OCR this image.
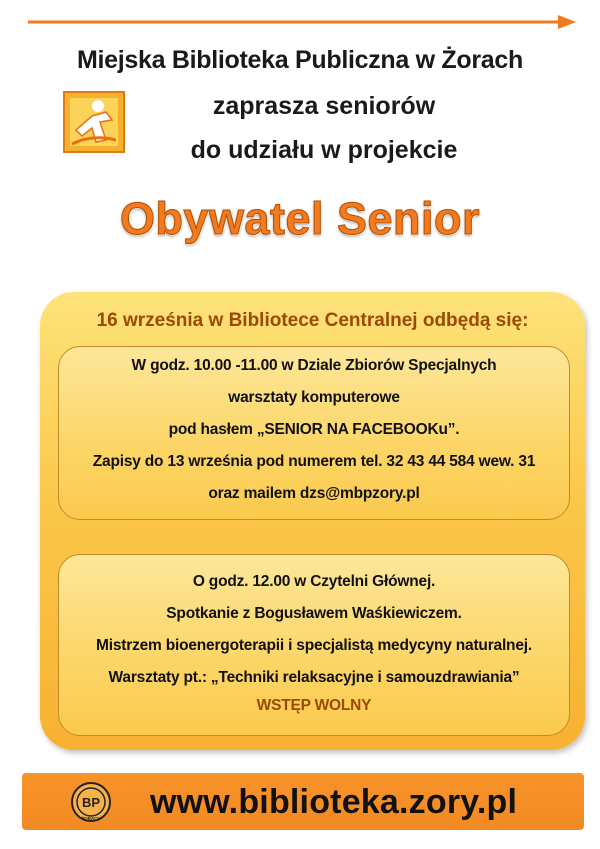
Miejska Biblioteka Publiczna w Żorach
zaprasza seniorów
do udziału w projekcie
Obywatel Senior
16 września w Bibliotece Centralnej odbędą się:
W godz. 10.00 -11.00 w Dziale Zbiorów Specjalnych
warsztaty komputerowe
pod hasłem „SENIOR NA FACEBOOKu”.
Zapisy do 13 września pod numerem tel. 32 43 44 584 wew. 31
oraz mailem dzs@mbpzory.pl
O godz. 12.00 w Czytelni Głównej.
Spotkanie z Bogusławem Waśkiewiczem.
Mistrzem bioenergoterapii i specjalistą medycyny naturalnej.
Warsztaty pt.: „Techniki relaksacyjne i samouzdrawiania”
WSTĘP WOLNY
BP
ŻORACH www.biblioteka.zory.pl
